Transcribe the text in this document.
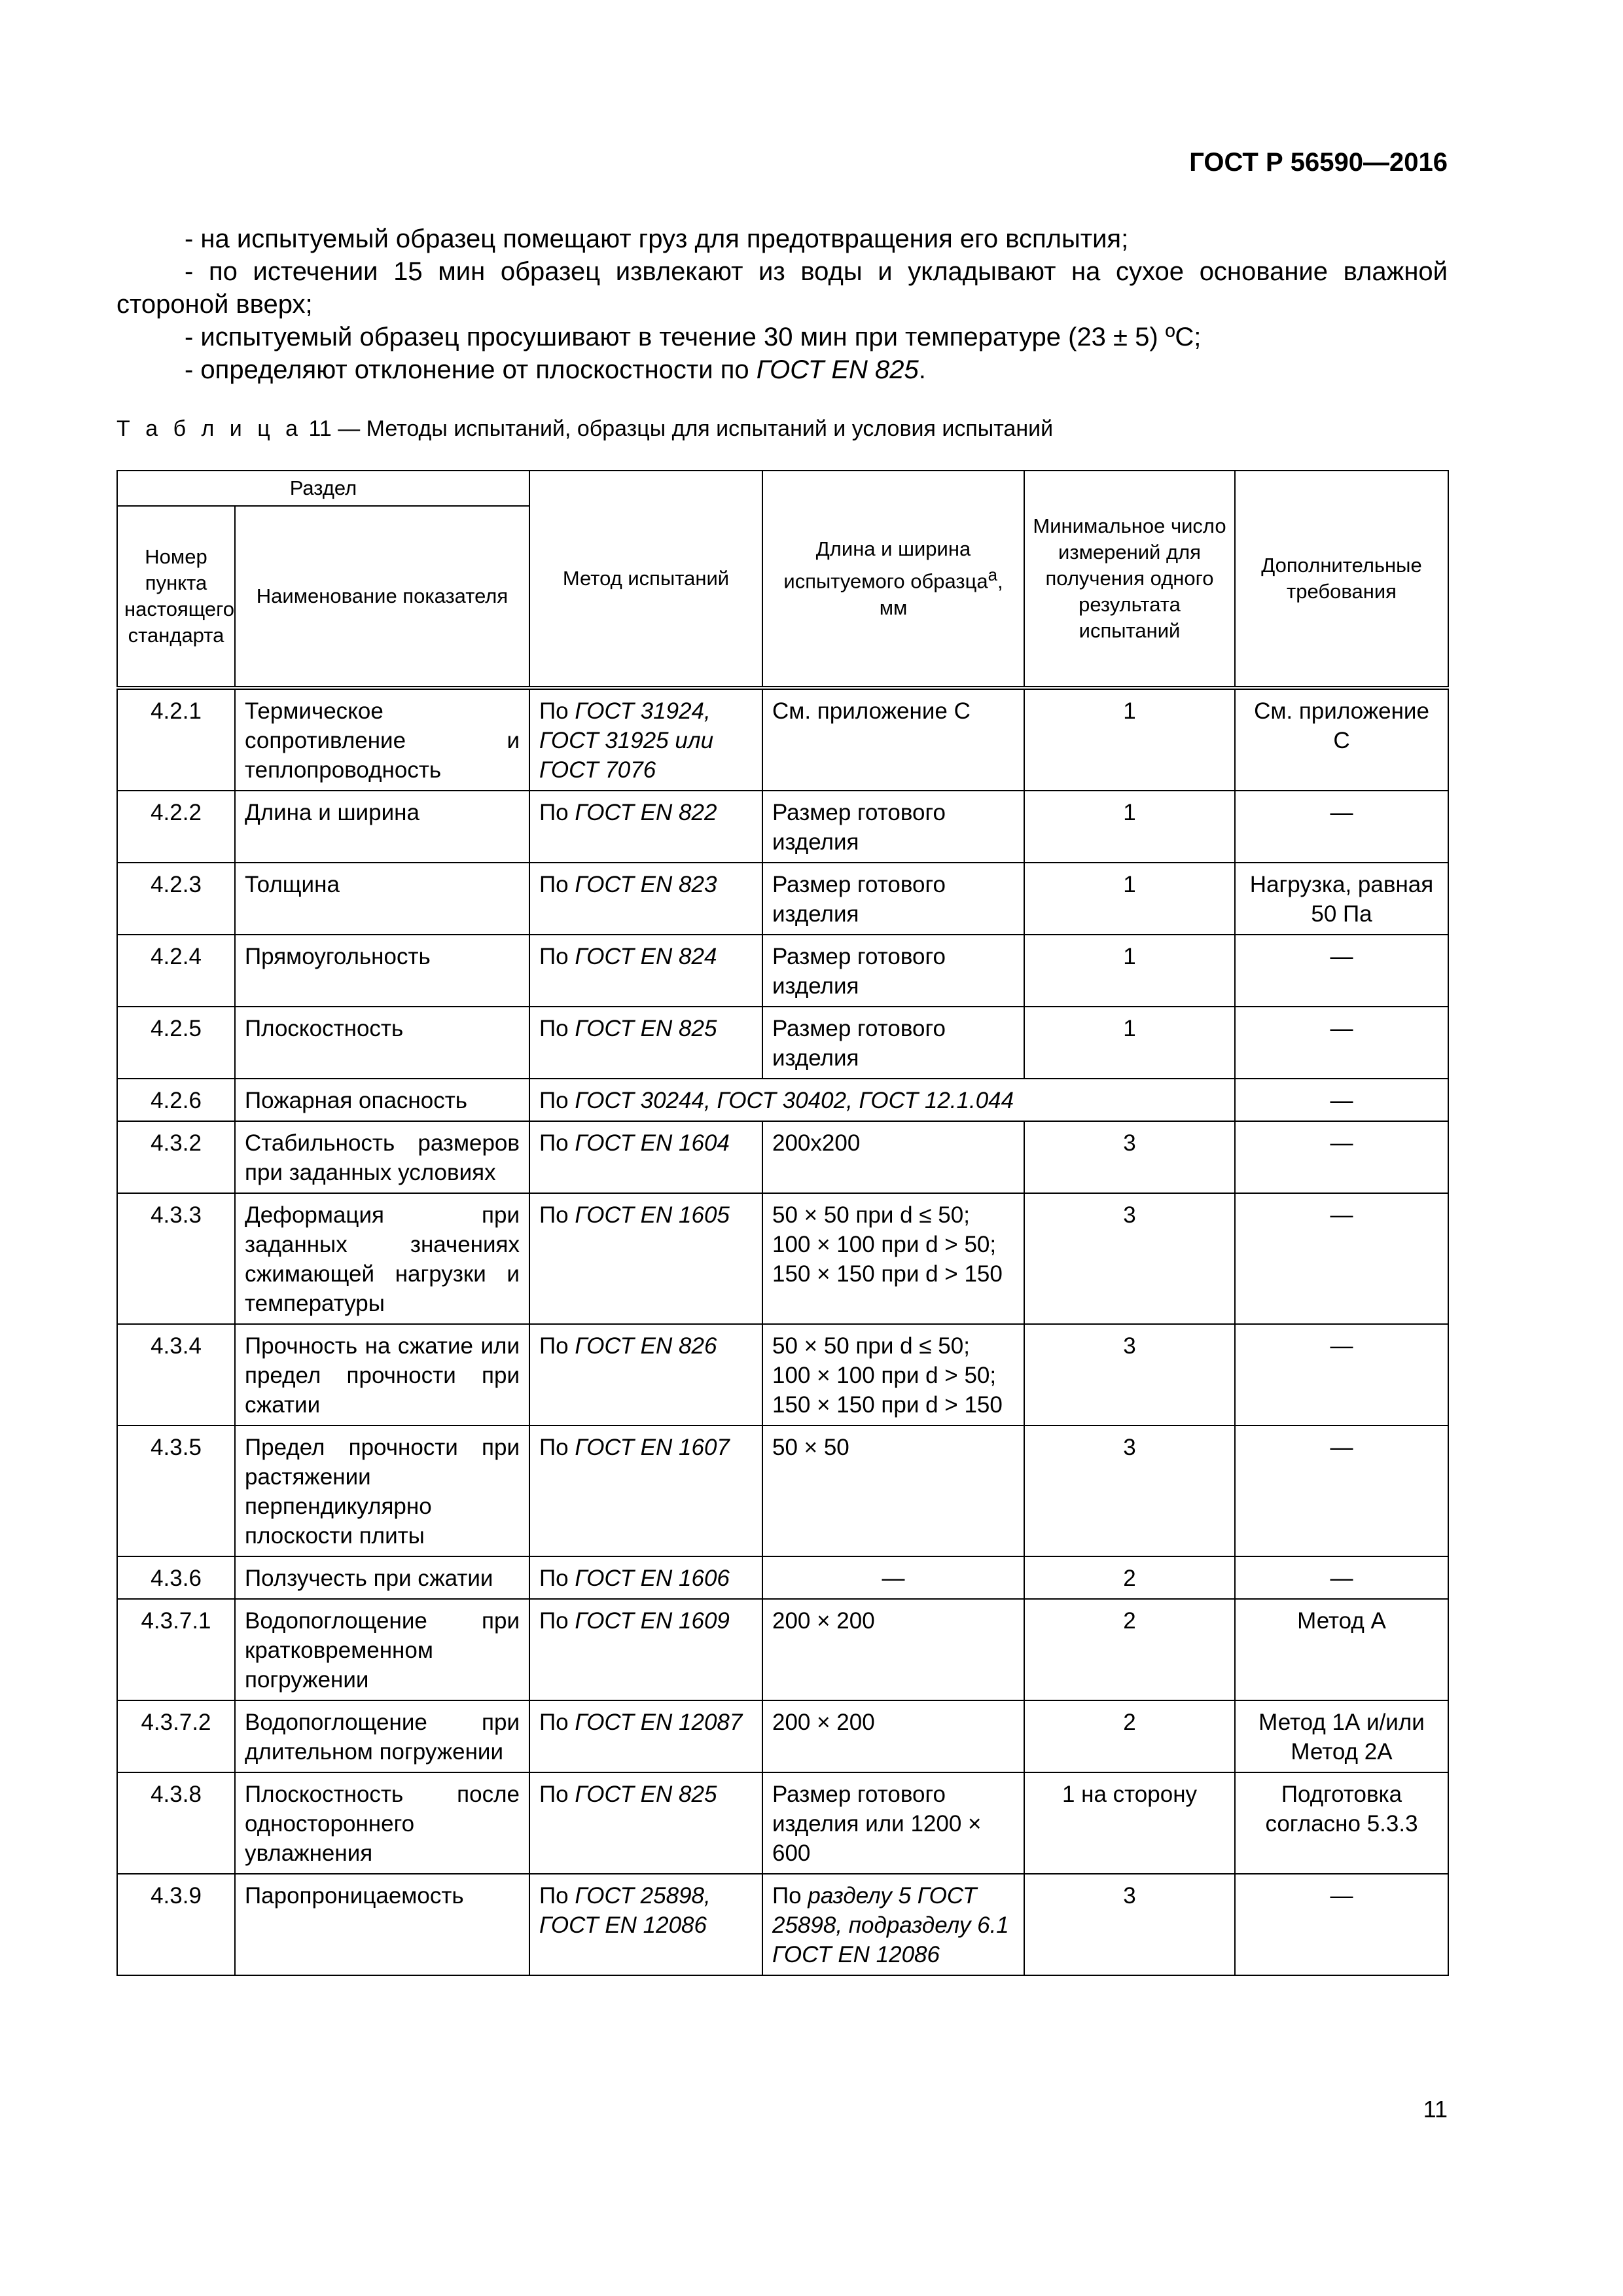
ГОСТ Р 56590—2016

- на испытуемый образец помещают груз для предотвращения его всплытия;

- по истечении 15 мин образец извлекают из воды и укладывают на сухое основание влажной стороной вверх;

- испытуемый образец просушивают в течение 30 мин при температуре (23 ± 5) ºС;

- определяют отклонение от плоскостности по ГОСТ EN 825.

Т а б л и ц а 11 — Методы испытаний, образцы для испытаний и условия испытаний
Раздел		Метод испытаний	Длина и ширина испытуемого образца$^а$, мм	Минимальное число измерений для получения одного результата испытаний	Дополнительные требования
Номер пункта настоящего стандарта	Наименование показателя				
4.2.1	Термическое сопротивление и теплопроводность	По ГОСТ 31924, ГОСТ 31925 или ГОСТ 7076	См. приложение С	1	См. приложение С
4.2.2	Длина и ширина	По ГОСТ EN 822	Размер готового изделия	1	—
4.2.3	Толщина	По ГОСТ EN 823	Размер готового изделия	1	Нагрузка, равная 50 Па
4.2.4	Прямоугольность	По ГОСТ EN 824	Размер готового изделия	1	—
4.2.5	Плоскостность	По ГОСТ EN 825	Размер готового изделия	1	—
4.2.6	Пожарная опасность	По ГОСТ 30244, ГОСТ 30402, ГОСТ 12.1.044			—
4.3.2	Стабильность размеров при заданных условиях	По ГОСТ EN 1604	200x200	3	—
4.3.3	Деформация при заданных значениях сжимающей нагрузки и температуры	По ГОСТ EN 1605	50 × 50 при d ≤ 50; 100 × 100 при d > 50; 150 × 150 при d > 150	3	—
4.3.4	Прочность на сжатие или предел прочности при сжатии	По ГОСТ EN 826	50 × 50 при d ≤ 50; 100 × 100 при d > 50; 150 × 150 при d > 150	3	—
4.3.5	Предел прочности при растяжении перпендикулярно плоскости плиты	По ГОСТ EN 1607	50 × 50	3	—
4.3.6	Ползучесть при сжатии	По ГОСТ EN 1606	—	2	—
4.3.7.1	Водопоглощение при кратковременном погружении	По ГОСТ EN 1609	200 × 200	2	Метод А
4.3.7.2	Водопоглощение при длительном погружении	По ГОСТ EN 12087	200 × 200	2	Метод 1А и/или Метод 2А
4.3.8	Плоскостность после одностороннего увлажнения	По ГОСТ EN 825	Размер готового изделия или 1200 × 600	1 на сторону	Подготовка согласно 5.3.3
4.3.9	Паропроницаемость	По ГОСТ 25898, ГОСТ EN 12086	По разделу 5 ГОСТ 25898, подразделу 6.1 ГОСТ EN 12086	3	—
11
